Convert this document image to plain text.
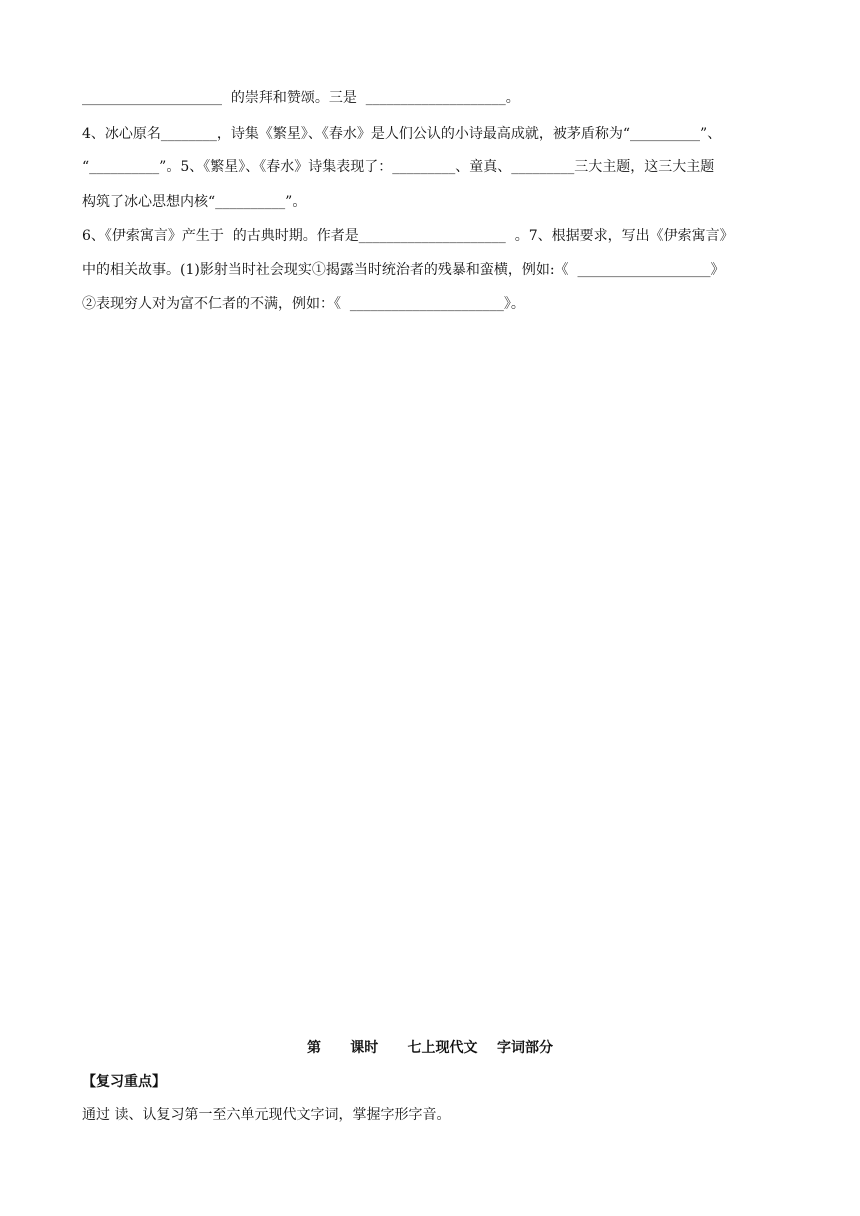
____________________  的崇拜和赞颂。三是  ____________________。
4、冰心原名________，诗集《繁星》、《春水》是人们公认的小诗最高成就，被茅盾称为“__________”、
“__________”。5、《繁星》、《春水》诗集表现了：_________、童真、_________三大主题，这三大主题
构筑了冰心思想内核“__________”。
6、《伊索寓言》产生于  的古典时期。作者是_____________________  。7、根据要求，写出《伊索寓言》
中的相关故事。(1)影射当时社会现实①揭露当时统治者的残暴和蛮横，例如:《  ___________________》
②表现穷人对为富不仁者的不满，例如：《  ______________________》。
第      课时      七上现代文    字词部分
【复习重点】
通过 读、认复习第一至六单元现代文字词，掌握字形字音。
